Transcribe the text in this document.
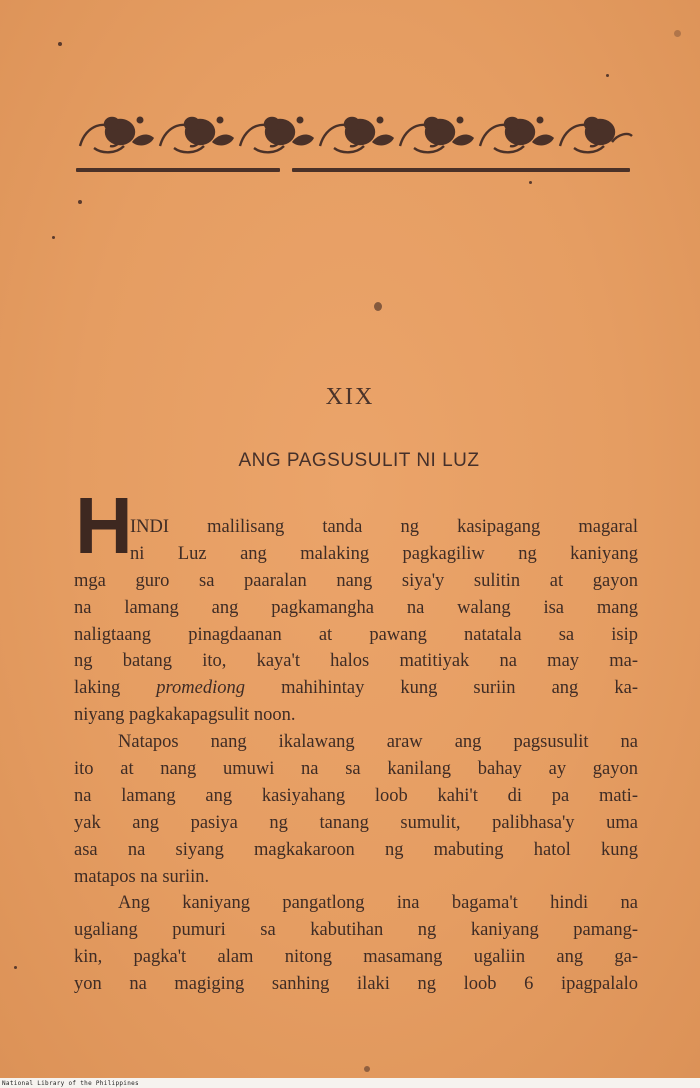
XIX
ANG PAGSUSULIT NI LUZ
H
INDI malilisang tanda ng kasipagang magaral
ni Luz ang malaking pagkagiliw ng kaniyang
mga guro sa paaralan nang siya'y sulitin at gayon
na lamang ang pagkamangha na walang isa mang
naligtaang pinagdaanan at pawang natatala sa isip
ng batang ito, kaya't halos matitiyak na may ma-
laking promediong mahihintay kung suriin ang ka-
niyang pagkakapagsulit noon.
Natapos nang ikalawang araw ang pagsusulit na
ito at nang umuwi na sa kanilang bahay ay gayon
na lamang ang kasiyahang loob kahi't di pa mati-
yak ang pasiya ng tanang sumulit, palibhasa'y uma
asa na siyang magkakaroon ng mabuting hatol kung
matapos na suriin.
Ang kaniyang pangatlong ina bagama't hindi na
ugaliang pumuri sa kabutihan ng kaniyang pamang-
kin, pagka't alam nitong masamang ugaliin ang ga-
yon na magiging sanhing ilaki ng loob 6 ipagpalalo
National Library of the Philippines
